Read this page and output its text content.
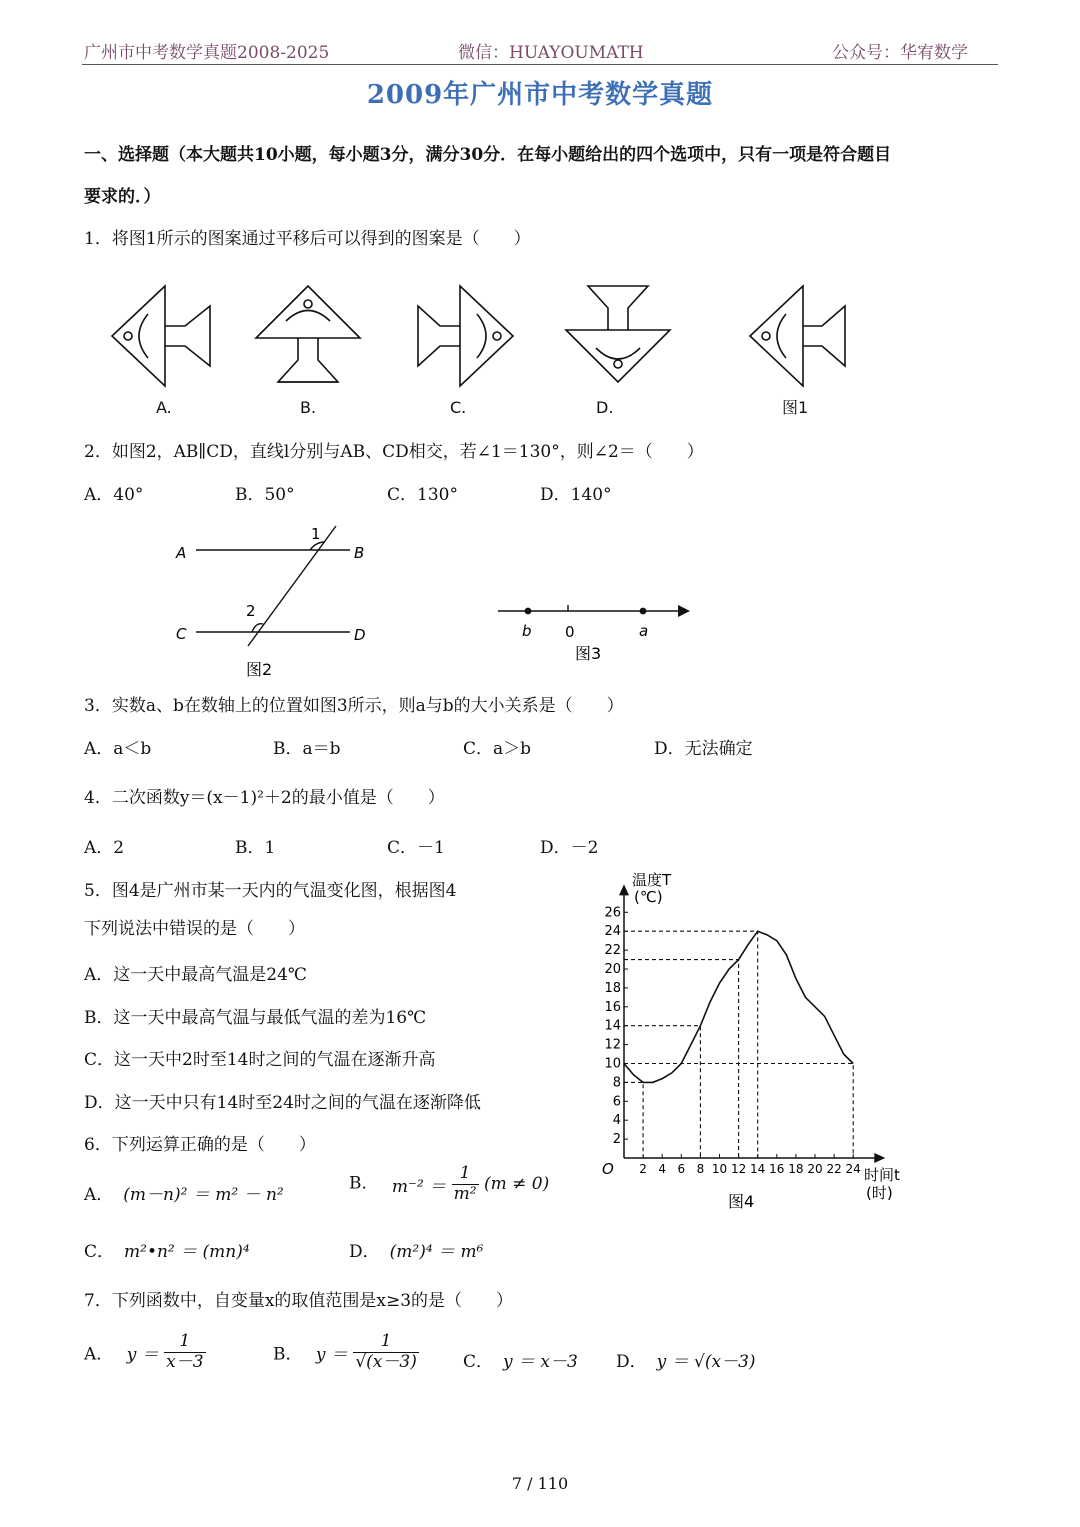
广州市中考数学真题2008-2025	微信：HUAYOUMATH	公众号：华宥数学
2009年广州市中考数学真题
一、选择题（本大题共10小题，每小题3分，满分30分．在每小题给出的四个选项中，只有一项是符合题目
要求的．）
1．将图1所示的图案通过平移后可以得到的图案是（　　）
A.	B.	C.	D.	图1
2．如图2，AB∥CD，直线l分别与AB、CD相交，若∠1＝130°，则∠2＝（　　）
A．40°	B．50°	C．130°	D．140°
A	B
C	D
1
2
图2
b 0	a
图3
3．实数a、b在数轴上的位置如图3所示，则a与b的大小关系是（　　）
A．a＜b	B．a＝b	C．a＞b	D．无法确定
4．二次函数y＝(x－1)²＋2的最小值是（　　）
A．2	B．1	C．－1	D．－2
5．图4是广州市某一天内的气温变化图，根据图4
下列说法中错误的是（　　）
A．这一天中最高气温是24℃
B．这一天中最高气温与最低气温的差为16℃
C．这一天中2时至14时之间的气温在逐渐升高
D．这一天中只有14时至24时之间的气温在逐渐降低
2 4 6 8 10 12 14 16 18 20 22 24
2
4
6
8
10
12
14
16
18
20
22
24
26
温度T
(℃)
时间t
(时)
O
图4
6．下列运算正确的是（　　）
A． (m－n)² ＝ m² － n²
B． $m^{-2} = \frac{1}{\text{m²}} (m \ne 0)$
C． m²•n² ＝ (mn)⁴	D． (m²)⁴ ＝ m⁶
7．下列函数中，自变量x的取值范围是x≥3的是（　　）
A． $y = \frac{1}{x-3}$	B． $y = \frac{1}{√(x-3)}$	C． y ＝ x－3 D． y ＝ √(x－3)
7 / 110
